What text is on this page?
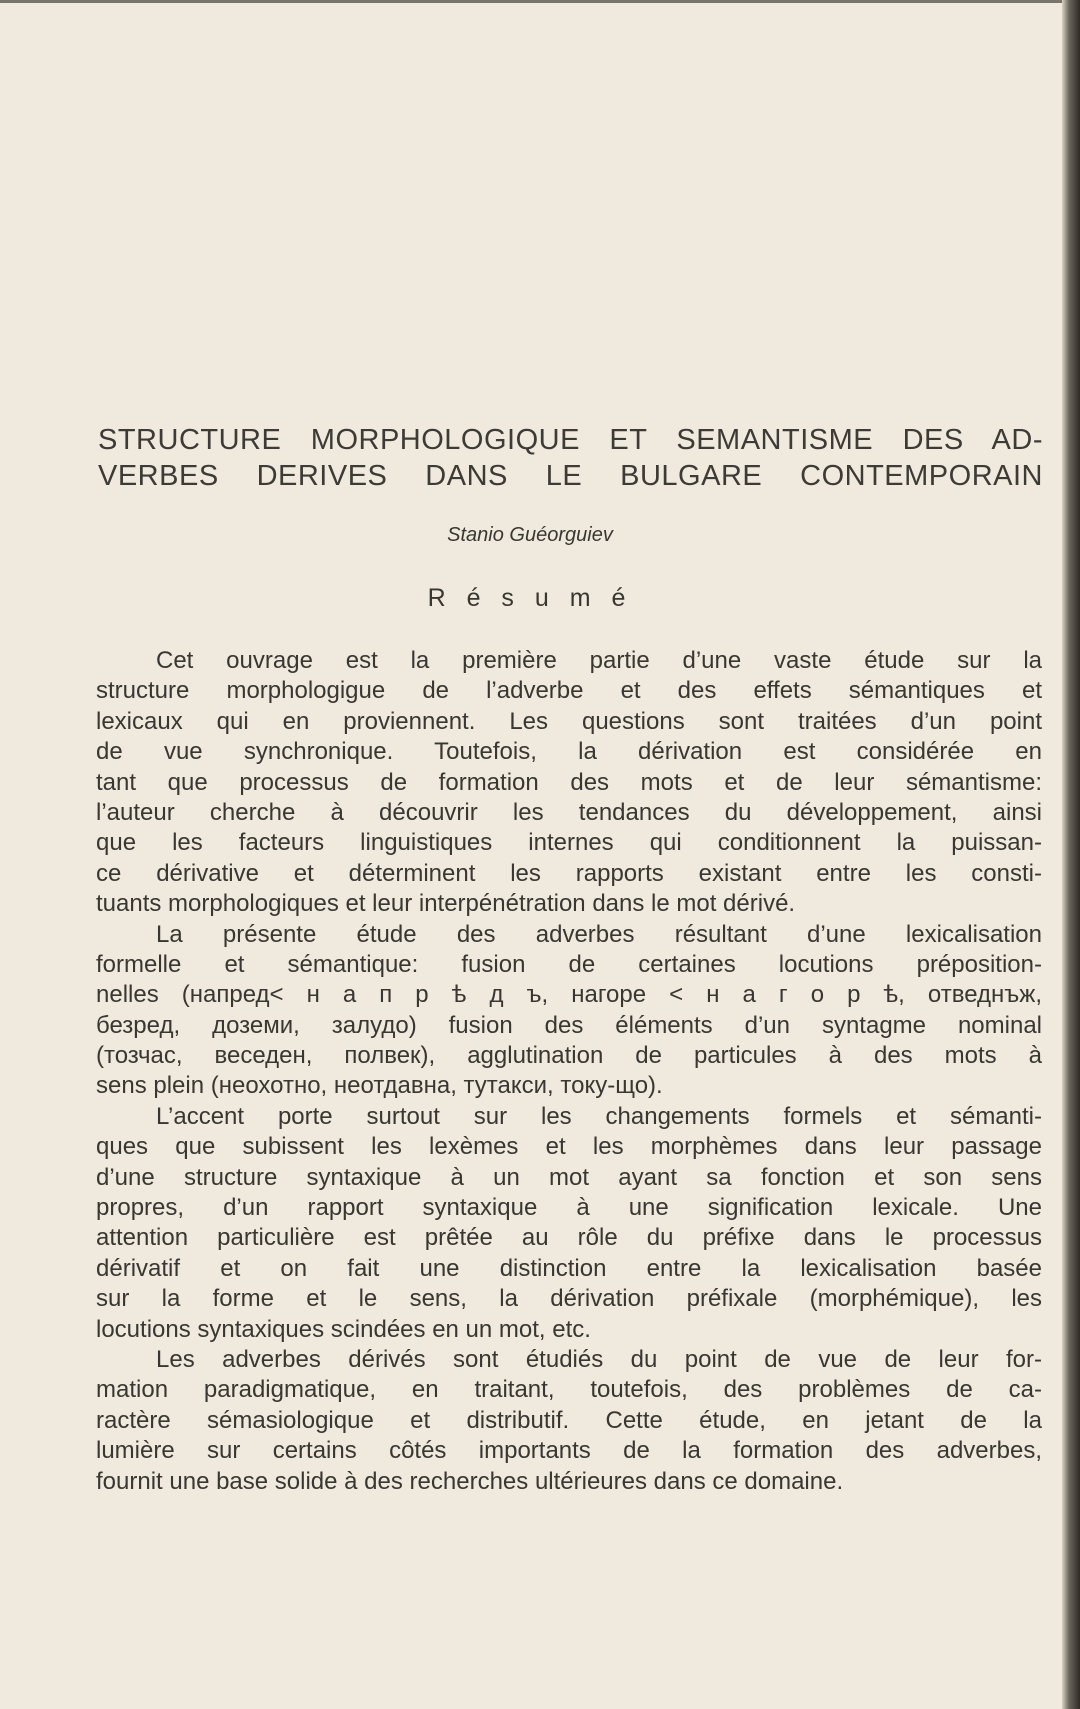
STRUCTURE MORPHOLOGIQUE ET SEMANTISME DES AD-
VERBES DERIVES DANS LE BULGARE CONTEMPORAIN
Stanio Guéorguiev
R é s u m é
Cet ouvrage est la première partie d’une vaste étude sur la
structure morphologigue de l’adverbe et des effets sémantiques et
lexicaux qui en proviennent. Les questions sont traitées d’un point
de vue synchronique. Toutefois, la dérivation est considérée en
tant que processus de formation des mots et de leur sémantisme:
l’auteur cherche à découvrir les tendances du développement, ainsi
que les facteurs linguistiques internes qui conditionnent la puissan-
ce dérivative et déterminent les rapports existant entre les consti-
tuants morphologiques et leur interpénétration dans le mot dérivé.
La présente étude des adverbes résultant d’une lexicalisation
formelle et sémantique: fusion de certaines locutions préposition-
nelles (напред< н а п р ѣ д ъ, нагоре < н а г о р ѣ, отведнъж,
безред, доземи, залудо) fusion des éléments d’un syntagme nominal
(тозчас, веседен, полвек), agglutination de particules à des mots à
sens plein (неохотно, неотдавна, тутакси, току-що).
L’accent porte surtout sur les changements formels et sémanti-
ques que subissent les lexèmes et les morphèmes dans leur passage
d’une structure syntaxique à un mot ayant sa fonction et son sens
propres, d’un rapport syntaxique à une signification lexicale. Une
attention particulière est prêtée au rôle du préfixe dans le processus
dérivatif et on fait une distinction entre la lexicalisation basée
sur la forme et le sens, la dérivation préfixale (morphémique), les
locutions syntaxiques scindées en un mot, etc.
Les adverbes dérivés sont étudiés du point de vue de leur for-
mation paradigmatique, en traitant, toutefois, des problèmes de ca-
ractère sémasiologique et distributif. Cette étude, en jetant de la
lumière sur certains côtés importants de la formation des adverbes,
fournit une base solide à des recherches ultérieures dans ce domaine.
